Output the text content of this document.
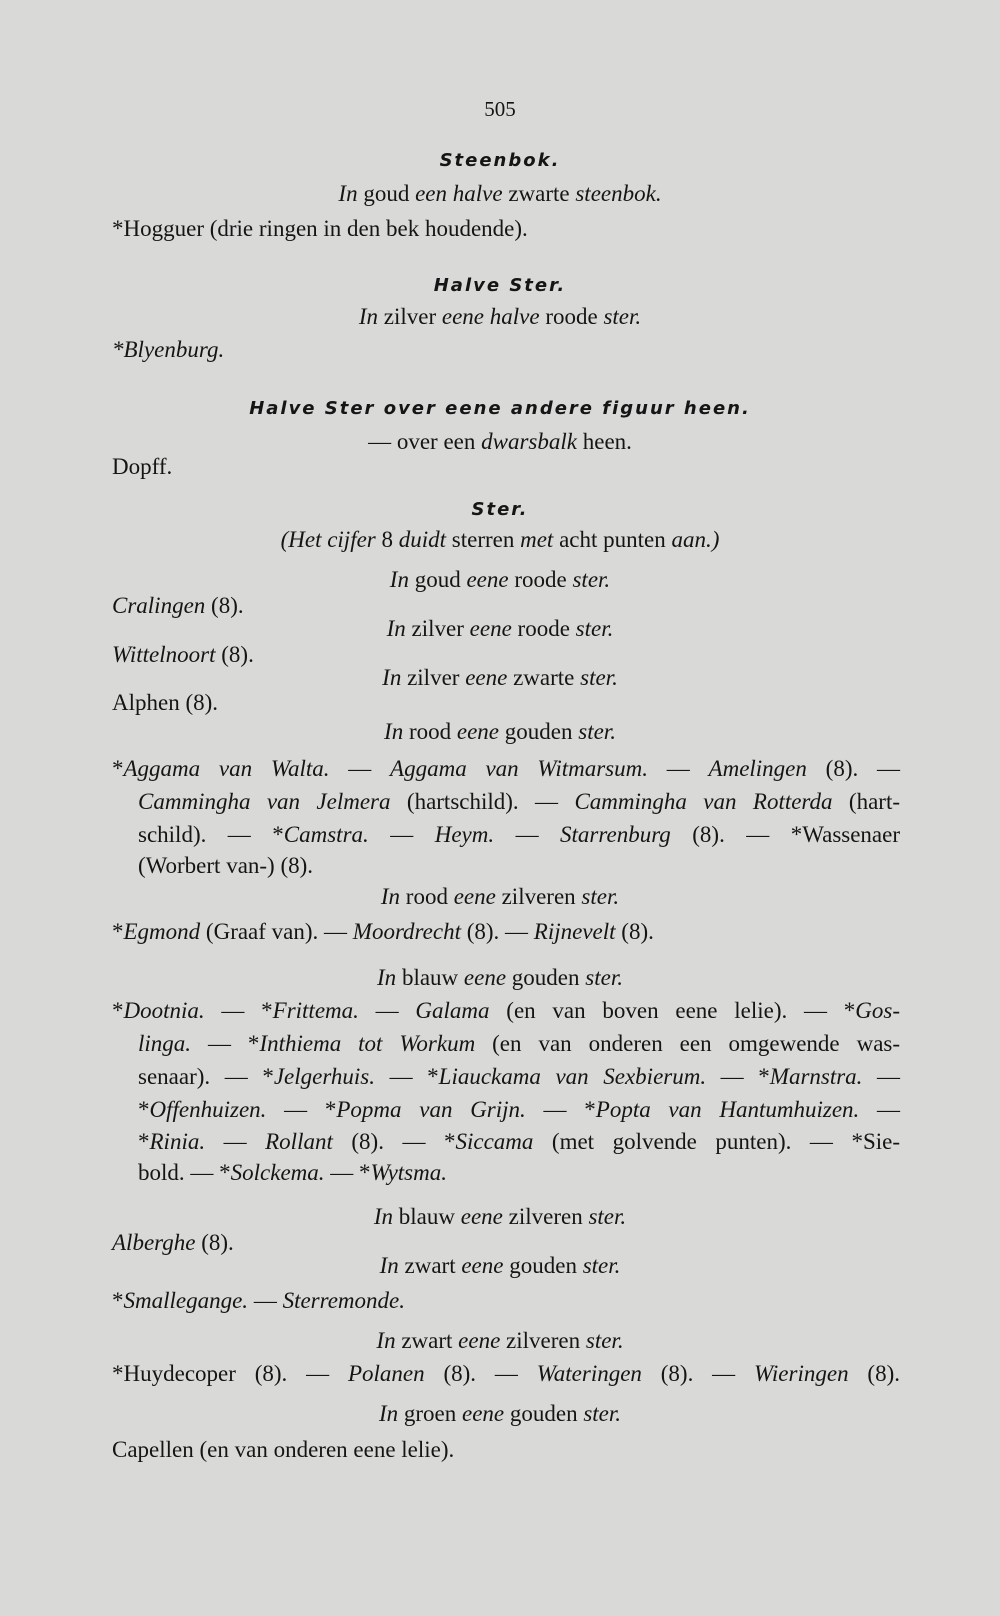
505
Steenbok.
In goud een halve zwarte steenbok.
*Hogguer (drie ringen in den bek houdende).
Halve Ster.
In zilver eene halve roode ster.
*Blyenburg.
Halve Ster over eene andere figuur heen.
— over een dwarsbalk heen.
Dopff.
Ster.
(Het cijfer 8 duidt sterren met acht punten aan.)
In goud eene roode ster.
Cralingen (8).
In zilver eene roode ster.
Wittelnoort (8).
In zilver eene zwarte ster.
Alphen (8).
In rood eene gouden ster.
*Aggama van Walta. — Aggama van Witmarsum. — Amelingen (8). —
Cammingha van Jelmera (hartschild). — Cammingha van Rotterda (hart-
schild). — *Camstra. — Heym. — Starrenburg (8). — *Wassenaer
(Worbert van-) (8).
In rood eene zilveren ster.
*Egmond (Graaf van). — Moordrecht (8). — Rijnevelt (8).
In blauw eene gouden ster.
*Dootnia. — *Frittema. — Galama (en van boven eene lelie). — *Gos-
linga. — *Inthiema tot Workum (en van onderen een omgewende was-
senaar). — *Jelgerhuis. — *Liauckama van Sexbierum. — *Marnstra. —
*Offenhuizen. — *Popma van Grijn. — *Popta van Hantumhuizen. —
*Rinia. — Rollant (8). — *Siccama (met golvende punten). — *Sie-
bold. — *Solckema. — *Wytsma.
In blauw eene zilveren ster.
Alberghe (8).
In zwart eene gouden ster.
*Smallegange. — Sterremonde.
In zwart eene zilveren ster.
*Huydecoper (8). — Polanen (8). — Wateringen (8). — Wieringen (8).
In groen eene gouden ster.
Capellen (en van onderen eene lelie).
